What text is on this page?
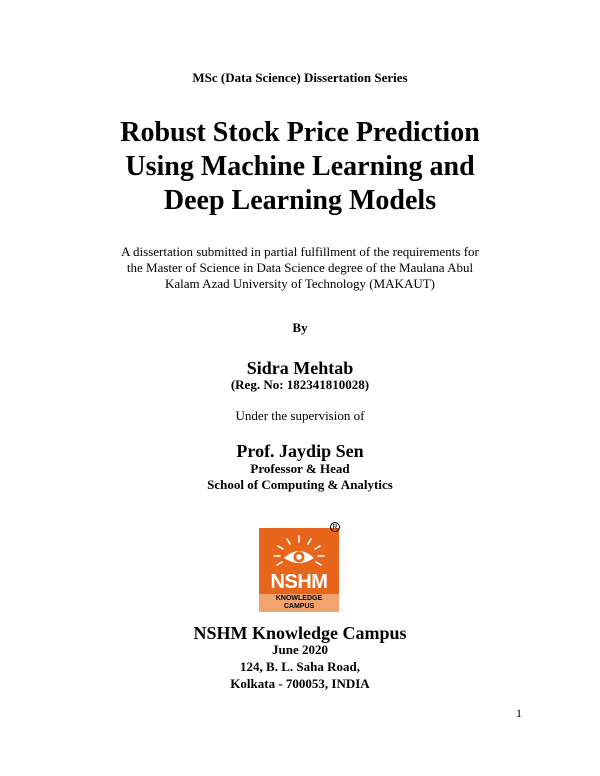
MSc (Data Science) Dissertation Series
Robust Stock Price Prediction
Using Machine Learning and
Deep Learning Models
A dissertation submitted in partial fulfillment of the requirements for
the Master of Science in Data Science degree of the Maulana Abul
Kalam Azad University of Technology (MAKAUT)
By
Sidra Mehtab
(Reg. No: 182341810028)
Under the supervision of
Prof. Jaydip Sen
Professor & Head
School of Computing & Analytics
NSHM
KNOWLEDGE
CAMPUS
R
NSHM Knowledge Campus
June 2020
124, B. L. Saha Road,
Kolkata - 700053, INDIA
1
